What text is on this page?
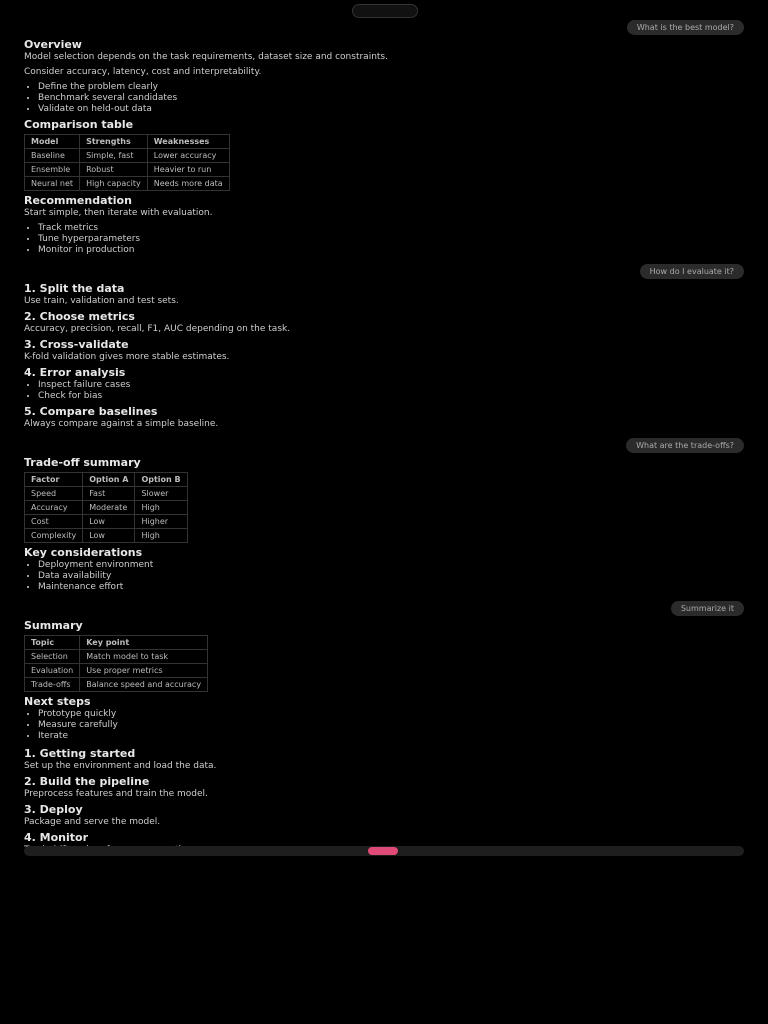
What is the best model?
Overview

Model selection depends on the task requirements, dataset size and constraints.

Consider accuracy, latency, cost and interpretability.

• Define the problem clearly
• Benchmark several candidates
• Validate on held-out data
Comparison table
Model	Strengths	Weaknesses
Baseline	Simple, fast	Lower accuracy
Ensemble	Robust	Heavier to run
Neural net	High capacity	Needs more data
Recommendation

Start simple, then iterate with evaluation.

• Track metrics
• Tune hyperparameters
• Monitor in production
How do I evaluate it?
1. Split the data

Use train, validation and test sets.

2. Choose metrics

Accuracy, precision, recall, F1, AUC depending on the task.

3. Cross-validate

K-fold validation gives more stable estimates.

4. Error analysis
• Inspect failure cases
• Check for bias
5. Compare baselines

Always compare against a simple baseline.

What are the trade-offs?
Trade-off summary
Factor	Option A	Option B
Speed	Fast	Slower
Accuracy	Moderate	High
Cost	Low	Higher
Complexity	Low	High
Key considerations
• Deployment environment
• Data availability
• Maintenance effort
Summarize it
Summary
Topic	Key point
Selection	Match model to task
Evaluation	Use proper metrics
Trade-offs	Balance speed and accuracy
Next steps
• Prototype quickly
• Measure carefully
• Iterate
1. Getting started

Set up the environment and load the data.

2. Build the pipeline

Preprocess features and train the model.

3. Deploy

Package and serve the model.

4. Monitor
